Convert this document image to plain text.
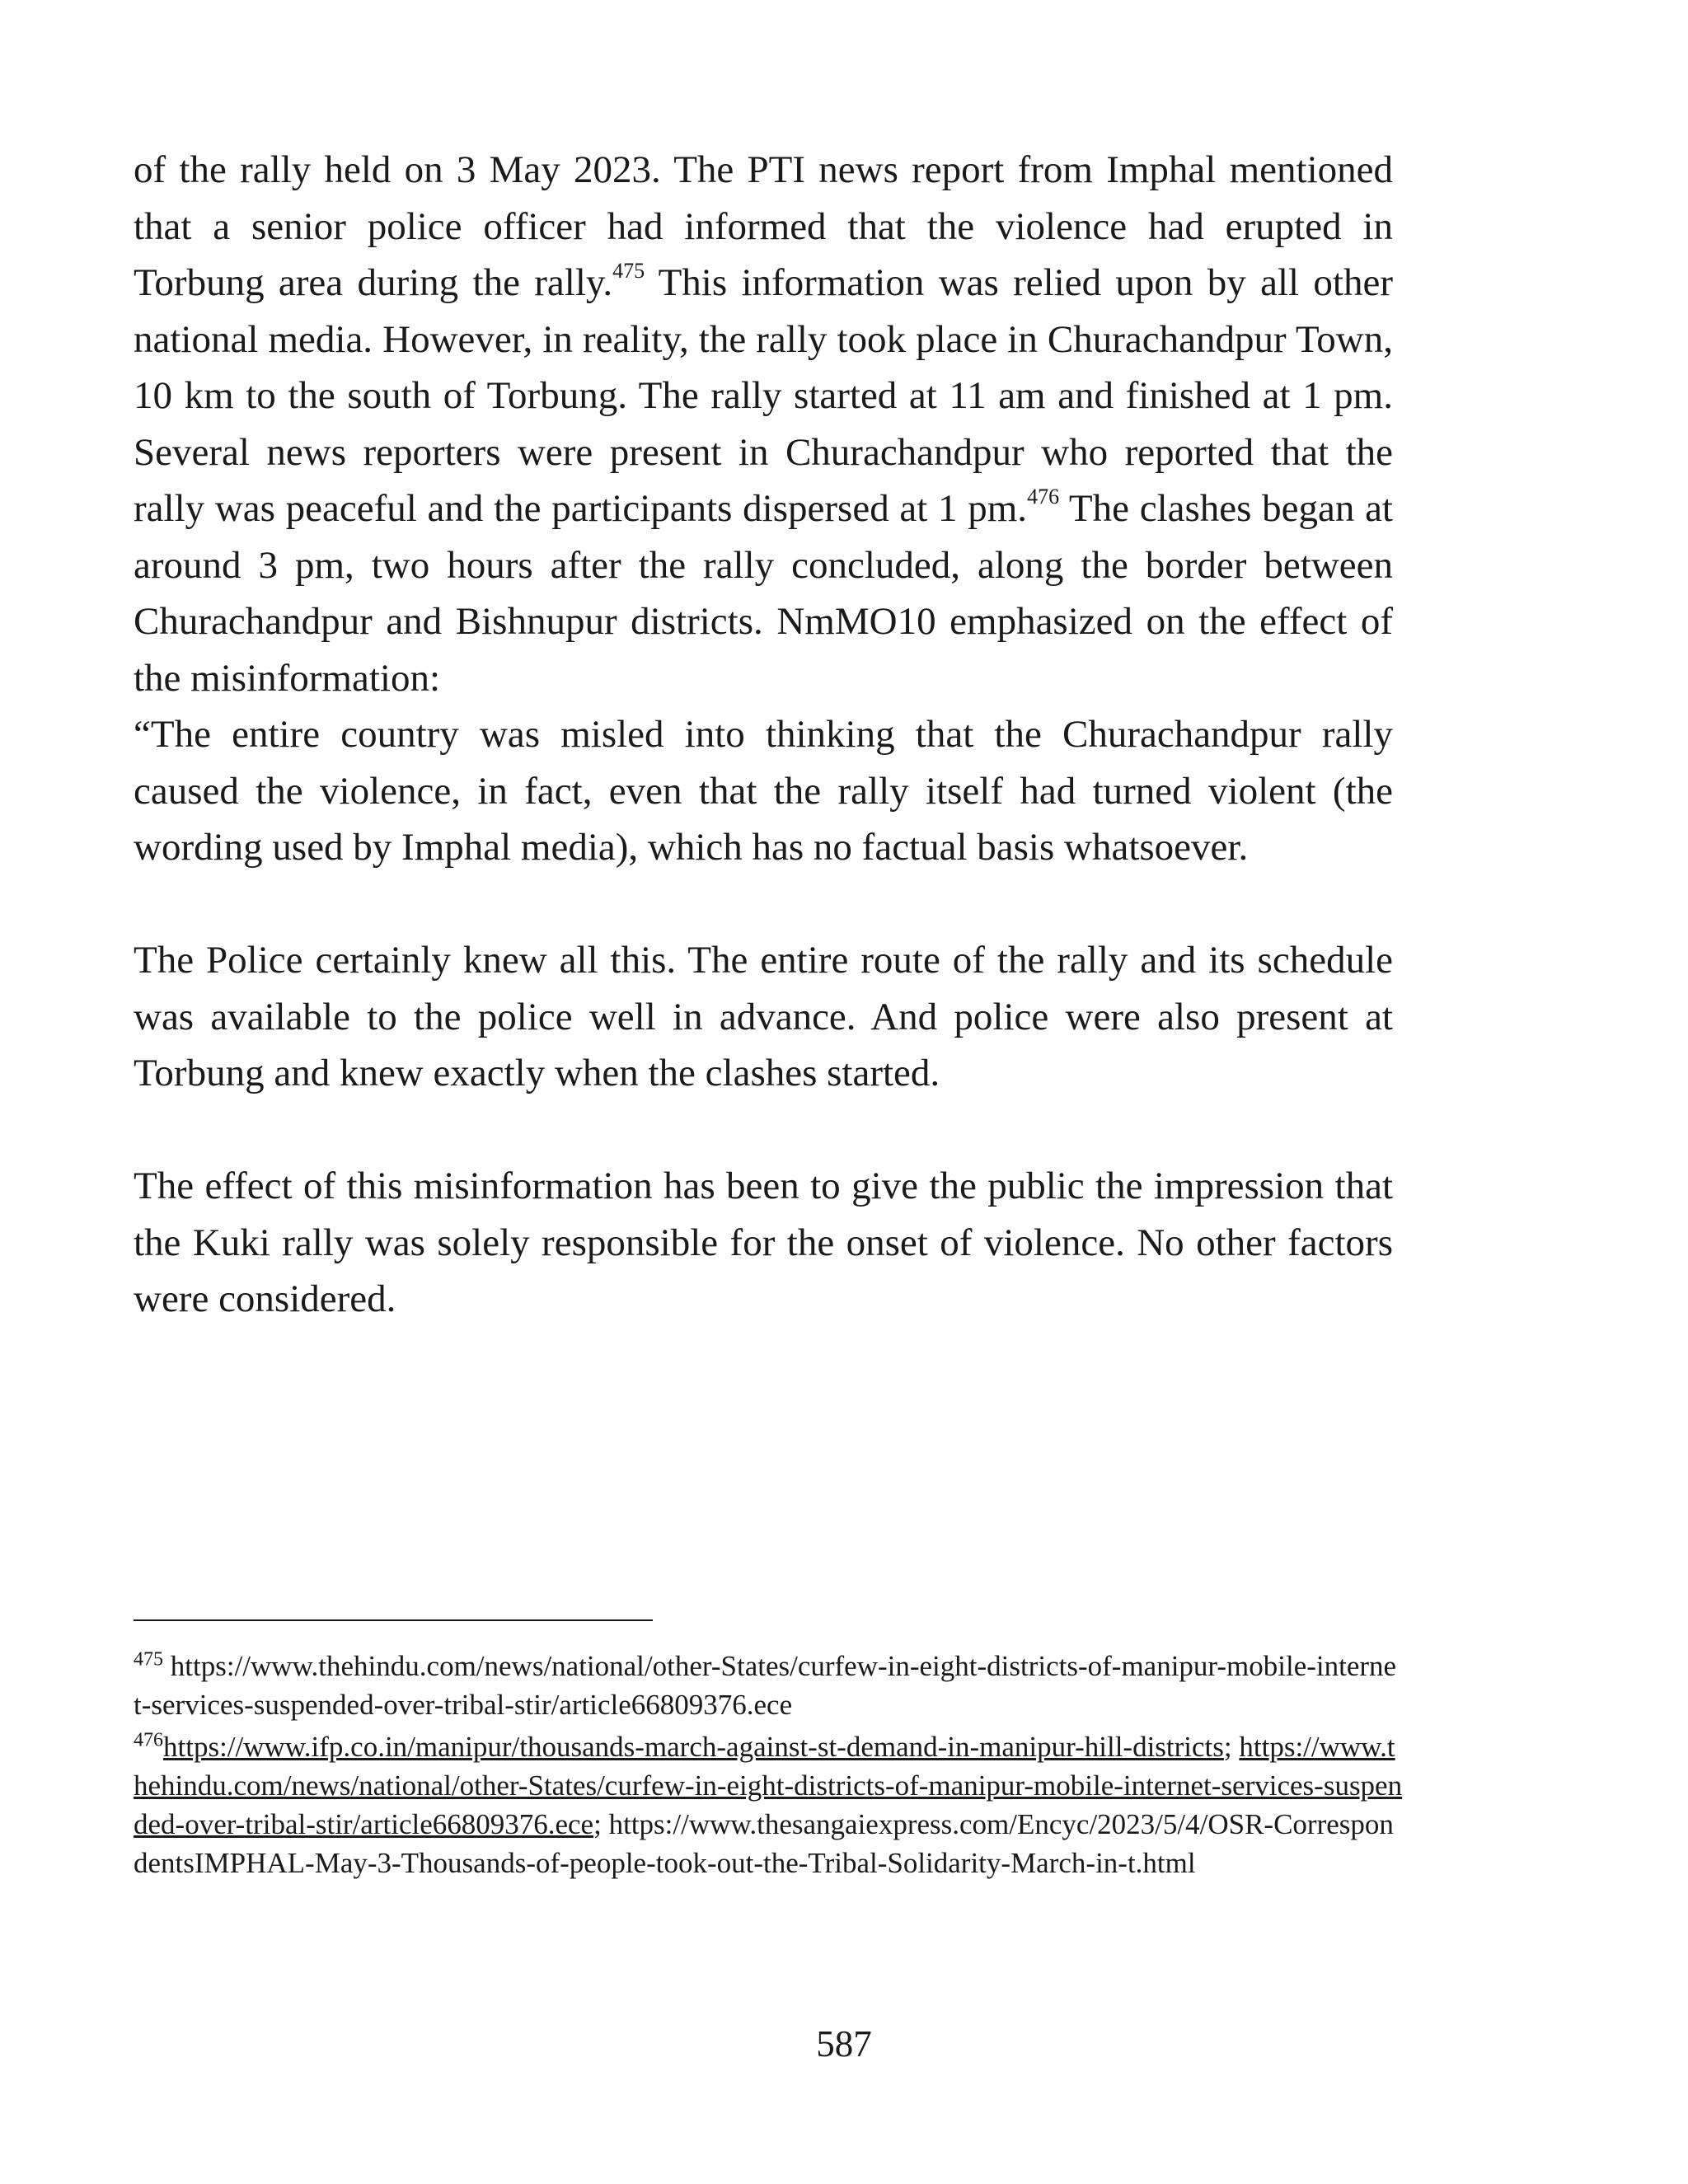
of the rally held on 3 May 2023. The PTI news report from Imphal mentioned that a senior police officer had informed that the violence had erupted in Torbung area during the rally.$^{475}$ This information was relied upon by all other national media. However, in reality, the rally took place in Churachandpur Town, 10 km to the south of Torbung. The rally started at 11 am and finished at 1 pm. Several news reporters were present in Churachandpur who reported that the rally was peaceful and the participants dispersed at 1 pm.$^{476}$ The clashes began at around 3 pm, two hours after the rally concluded, along the border between Churachandpur and Bishnupur districts. NmMO10 emphasized on the effect of the misinformation:

“The entire country was misled into thinking that the Churachandpur rally caused the violence, in fact, even that the rally itself had turned violent (the wording used by Imphal media), which has no factual basis whatsoever.

The Police certainly knew all this. The entire route of the rally and its schedule was available to the police well in advance. And police were also present at Torbung and knew exactly when the clashes started.

The effect of this misinformation has been to give the public the impression that the Kuki rally was solely responsible for the onset of violence. No other factors were considered.

$^{475}$ https://www.thehindu.com/news/national/other-States/curfew-in-eight-districts-of-manipur-mobile-internet-services-suspended-over-tribal-stir/article66809376.ece

$^{476}$https://www.ifp.co.in/manipur/thousands-march-against-st-demand-in-manipur-hill-districts; https://www.thehindu.com/news/national/other-States/curfew-in-eight-districts-of-manipur-mobile-internet-services-suspended-over-tribal-stir/article66809376.ece; https://www.thesangaiexpress.com/Encyc/2023/5/4/OSR-CorrespondentsIMPHAL-May-3-Thousands-of-people-took-out-the-Tribal-Solidarity-March-in-t.html

587
